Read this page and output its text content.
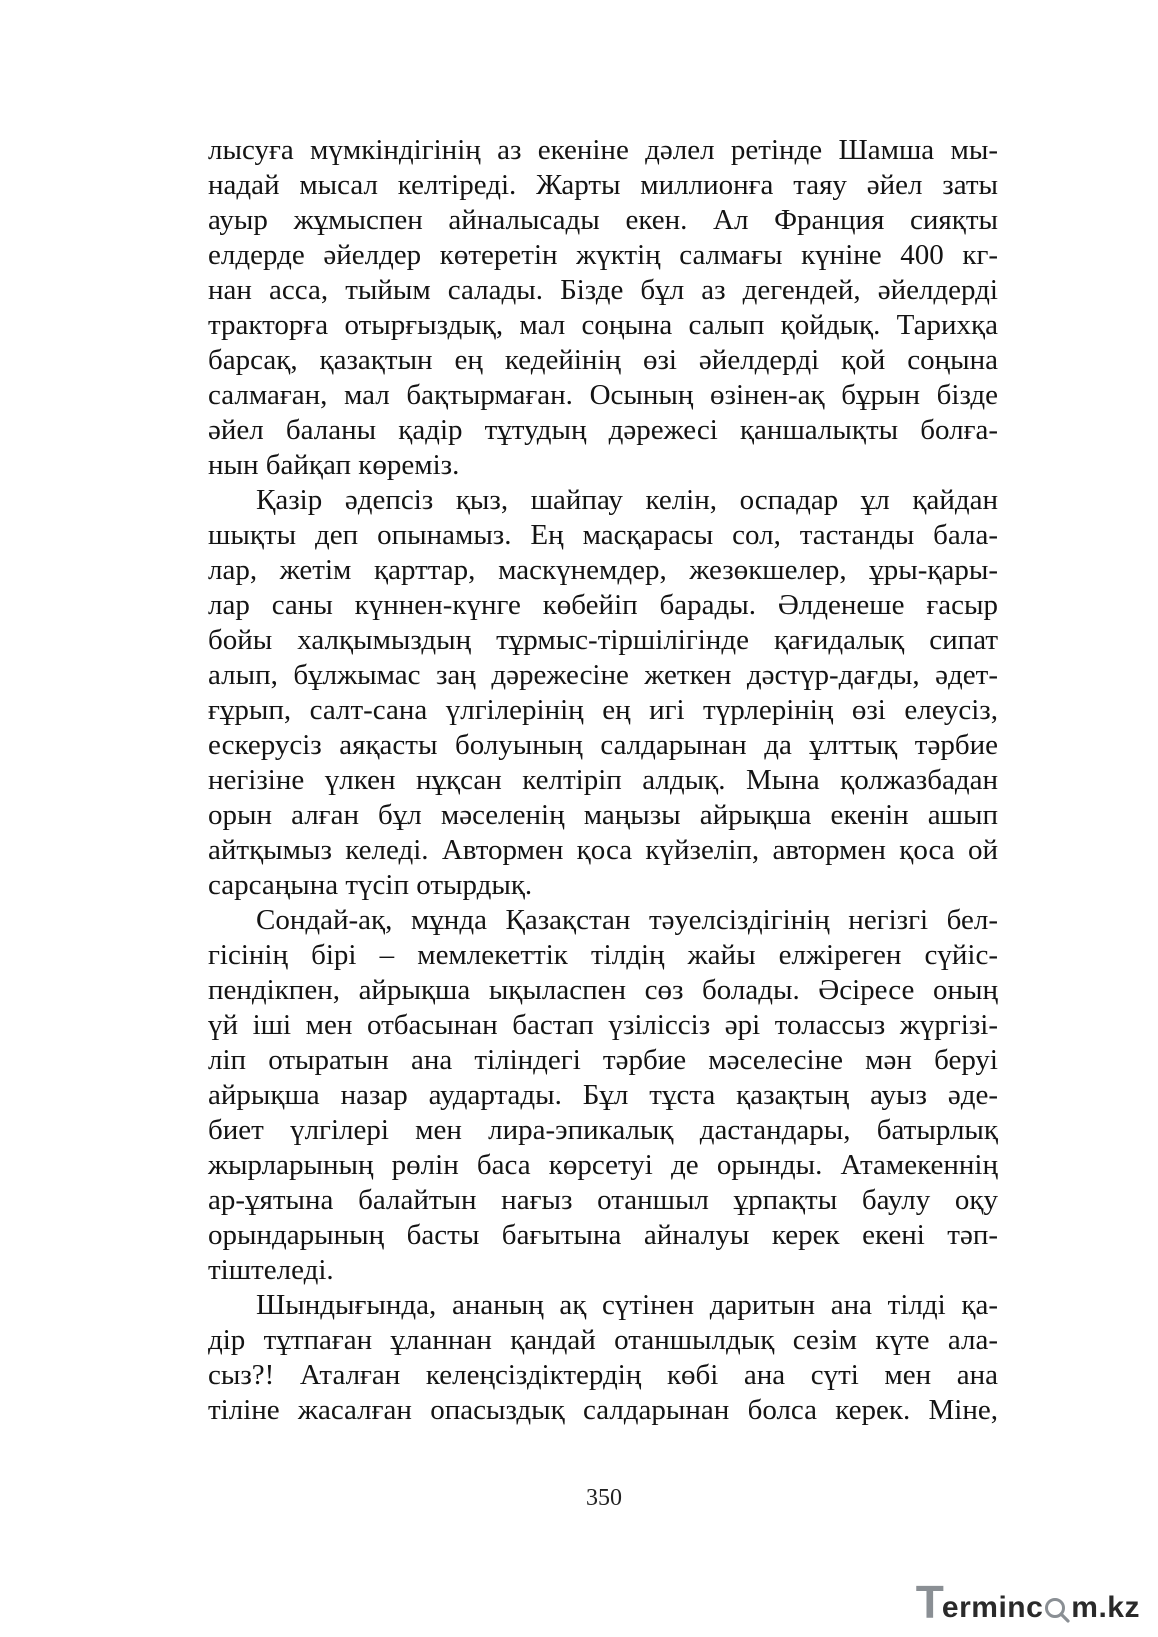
лысуға мүмкіндігінің аз екеніне дәлел ретінде Шамша мы-
надай мысал келтіреді. Жарты миллионға таяу әйел заты
ауыр жұмыспен айналысады екен. Ал Франция сияқты
елдерде әйелдер көтеретін жүктің салмағы күніне 400 кг-
нан асса, тыйым салады. Бізде бұл аз дегендей, әйелдерді
тракторға отырғыздық, мал соңына салып қойдық. Тарихқа
барсақ, қазақтын ең кедейінің өзі әйелдерді қой соңына
салмаған, мал бақтырмаған. Осының өзінен-ақ бұрын бізде
әйел баланы қадір тұтудың дәрежесі қаншалықты болға-
нын байқап көреміз.
Қазір әдепсіз қыз, шайпау келін, оспадар ұл қайдан
шықты деп опынамыз. Ең масқарасы сол, тастанды бала-
лар, жетім қарттар, маскүнемдер, жезөкшелер, ұры-қары-
лар саны күннен-күнге көбейіп барады. Әлденеше ғасыр
бойы халқымыздың тұрмыс-тіршілігінде қағидалық сипат
алып, бұлжымас заң дәрежесіне жеткен дәстүр-дағды, әдет-
ғұрып, салт-сана үлгілерінің ең игі түрлерінің өзі елеусіз,
ескерусіз аяқасты болуының салдарынан да ұлттық тәрбие
негізіне үлкен нұқсан келтіріп алдық. Мына қолжазбадан
орын алған бұл мәселенің маңызы айрықша екенін ашып
айтқымыз келеді. Автормен қоса күйзеліп, автормен қоса ой
сарсаңына түсіп отырдық.
Сондай-ақ, мұнда Қазақстан тәуелсіздігінің негізгі бел-
гісінің бірі – мемлекеттік тілдің жайы елжіреген сүйіс-
пендікпен, айрықша ықыласпен сөз болады. Әсіресе оның
үй іші мен отбасынан бастап үзіліссіз әрі толассыз жүргізі-
ліп отыратын ана тіліндегі тәрбие мәселесіне мән беруі
айрықша назар аудартады. Бұл тұста қазақтың ауыз әде-
биет үлгілері мен лира-эпикалық дастандары, батырлық
жырларының рөлін баса көрсетуі де орынды. Атамекеннің
ар-ұятына балайтын нағыз отаншыл ұрпақты баулу оқу
орындарының басты бағытына айналуы керек екені тәп-
тіштеледі.
Шындығында, ананың ақ сүтінен даритын ана тілді қа-
дір тұтпаған ұланнан қандай отаншылдық сезім күте ала-
сыз?! Аталған келеңсіздіктердің көбі ана сүті мен ана
тіліне жасалған опасыздық салдарынан болса керек. Міне,
350
T erminc m.kz
